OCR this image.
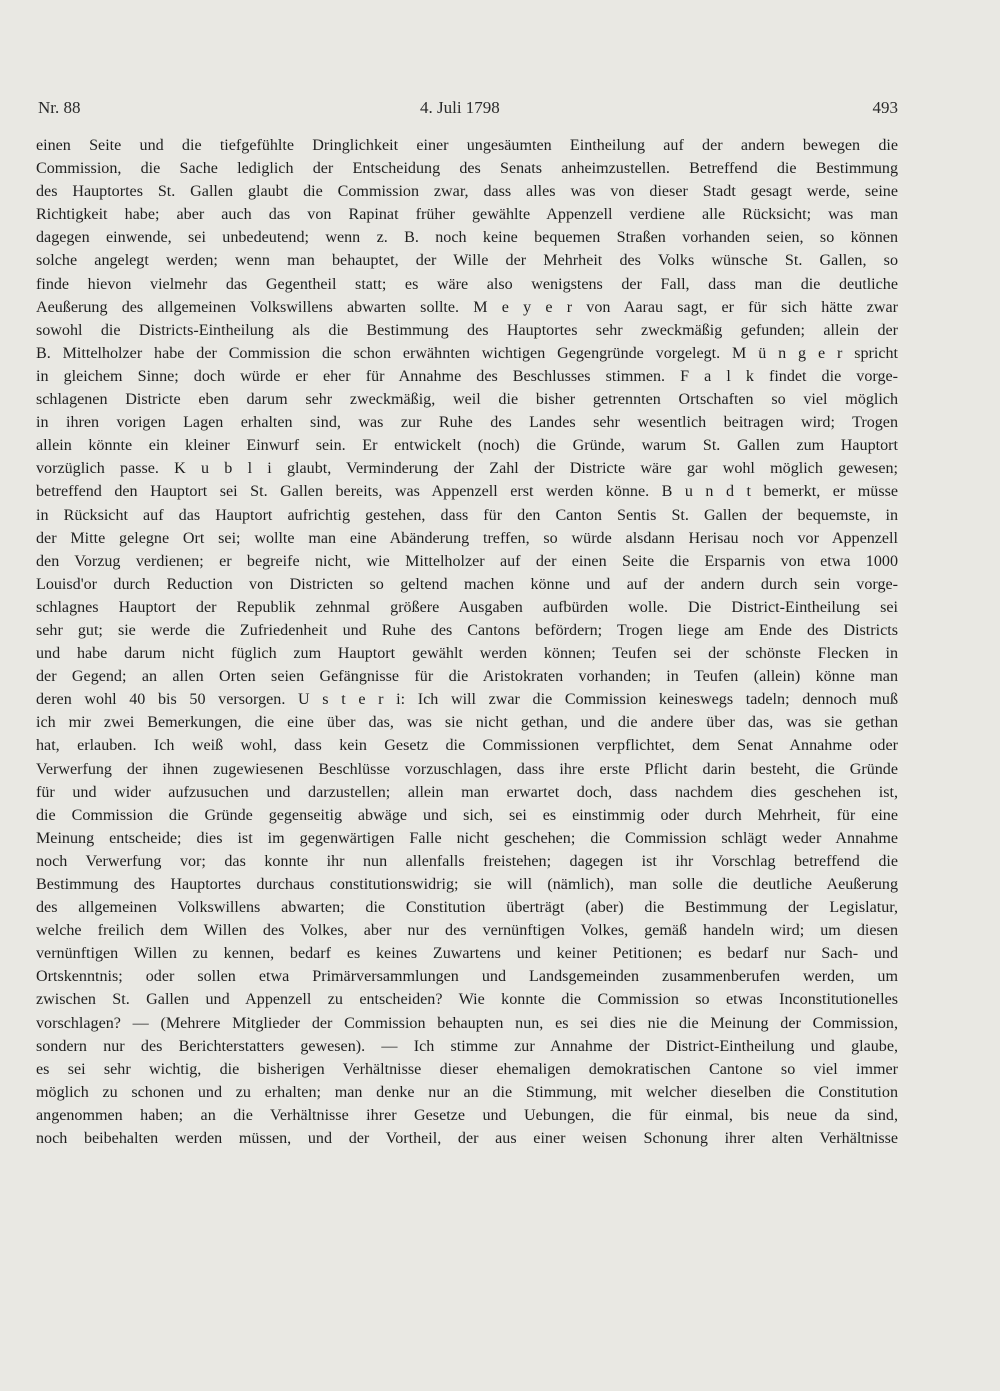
Nr. 88	4. Juli 1798	493
einen Seite und die tiefgefühlte Dringlichkeit einer ungesäumten Eintheilung auf der andern bewegen die
Commission, die Sache lediglich der Entscheidung des Senats anheimzustellen. Betreffend die Bestimmung
des Hauptortes St. Gallen glaubt die Commission zwar, dass alles was von dieser Stadt gesagt werde, seine
Richtigkeit habe; aber auch das von Rapinat früher gewählte Appenzell verdiene alle Rücksicht; was man
dagegen einwende, sei unbedeutend; wenn z. B. noch keine bequemen Straßen vorhanden seien, so können
solche angelegt werden; wenn man behauptet, der Wille der Mehrheit des Volks wünsche St. Gallen, so
finde hievon vielmehr das Gegentheil statt; es wäre also wenigstens der Fall, dass man die deutliche
Aeußerung des allgemeinen Volkswillens abwarten sollte. M e y e r von Aarau sagt, er für sich hätte zwar
sowohl die Districts-Eintheilung als die Bestimmung des Hauptortes sehr zweckmäßig gefunden; allein der
B. Mittelholzer habe der Commission die schon erwähnten wichtigen Gegengründe vorgelegt. M ü n g e r spricht
in gleichem Sinne; doch würde er eher für Annahme des Beschlusses stimmen. F a l k findet die vorge-
schlagenen Districte eben darum sehr zweckmäßig, weil die bisher getrennten Ortschaften so viel möglich
in ihren vorigen Lagen erhalten sind, was zur Ruhe des Landes sehr wesentlich beitragen wird; Trogen
allein könnte ein kleiner Einwurf sein. Er entwickelt (noch) die Gründe, warum St. Gallen zum Hauptort
vorzüglich passe. K u b l i glaubt, Verminderung der Zahl der Districte wäre gar wohl möglich gewesen;
betreffend den Hauptort sei St. Gallen bereits, was Appenzell erst werden könne. B u n d t bemerkt, er müsse
in Rücksicht auf das Hauptort aufrichtig gestehen, dass für den Canton Sentis St. Gallen der bequemste, in
der Mitte gelegne Ort sei; wollte man eine Abänderung treffen, so würde alsdann Herisau noch vor Appenzell
den Vorzug verdienen; er begreife nicht, wie Mittelholzer auf der einen Seite die Ersparnis von etwa 1000
Louisd'or durch Reduction von Districten so geltend machen könne und auf der andern durch sein vorge-
schlagnes Hauptort der Republik zehnmal größere Ausgaben aufbürden wolle. Die District-Eintheilung sei
sehr gut; sie werde die Zufriedenheit und Ruhe des Cantons befördern; Trogen liege am Ende des Districts
und habe darum nicht füglich zum Hauptort gewählt werden können; Teufen sei der schönste Flecken in
der Gegend; an allen Orten seien Gefängnisse für die Aristokraten vorhanden; in Teufen (allein) könne man
deren wohl 40 bis 50 versorgen. U s t e r i: Ich will zwar die Commission keineswegs tadeln; dennoch muß
ich mir zwei Bemerkungen, die eine über das, was sie nicht gethan, und die andere über das, was sie gethan
hat, erlauben. Ich weiß wohl, dass kein Gesetz die Commissionen verpflichtet, dem Senat Annahme oder
Verwerfung der ihnen zugewiesenen Beschlüsse vorzuschlagen, dass ihre erste Pflicht darin besteht, die Gründe
für und wider aufzusuchen und darzustellen; allein man erwartet doch, dass nachdem dies geschehen ist,
die Commission die Gründe gegenseitig abwäge und sich, sei es einstimmig oder durch Mehrheit, für eine
Meinung entscheide; dies ist im gegenwärtigen Falle nicht geschehen; die Commission schlägt weder Annahme
noch Verwerfung vor; das konnte ihr nun allenfalls freistehen; dagegen ist ihr Vorschlag betreffend die
Bestimmung des Hauptortes durchaus constitutionswidrig; sie will (nämlich), man solle die deutliche Aeußerung
des allgemeinen Volkswillens abwarten; die Constitution überträgt (aber) die Bestimmung der Legislatur,
welche freilich dem Willen des Volkes, aber nur des vernünftigen Volkes, gemäß handeln wird; um diesen
vernünftigen Willen zu kennen, bedarf es keines Zuwartens und keiner Petitionen; es bedarf nur Sach- und
Ortskenntnis; oder sollen etwa Primärversammlungen und Landsgemeinden zusammenberufen werden, um
zwischen St. Gallen und Appenzell zu entscheiden? Wie konnte die Commission so etwas Inconstitutionelles
vorschlagen? — (Mehrere Mitglieder der Commission behaupten nun, es sei dies nie die Meinung der Commission,
sondern nur des Berichterstatters gewesen). — Ich stimme zur Annahme der District-Eintheilung und glaube,
es sei sehr wichtig, die bisherigen Verhältnisse dieser ehemaligen demokratischen Cantone so viel immer
möglich zu schonen und zu erhalten; man denke nur an die Stimmung, mit welcher dieselben die Constitution
angenommen haben; an die Verhältnisse ihrer Gesetze und Uebungen, die für einmal, bis neue da sind,
noch beibehalten werden müssen, und der Vortheil, der aus einer weisen Schonung ihrer alten Verhältnisse
